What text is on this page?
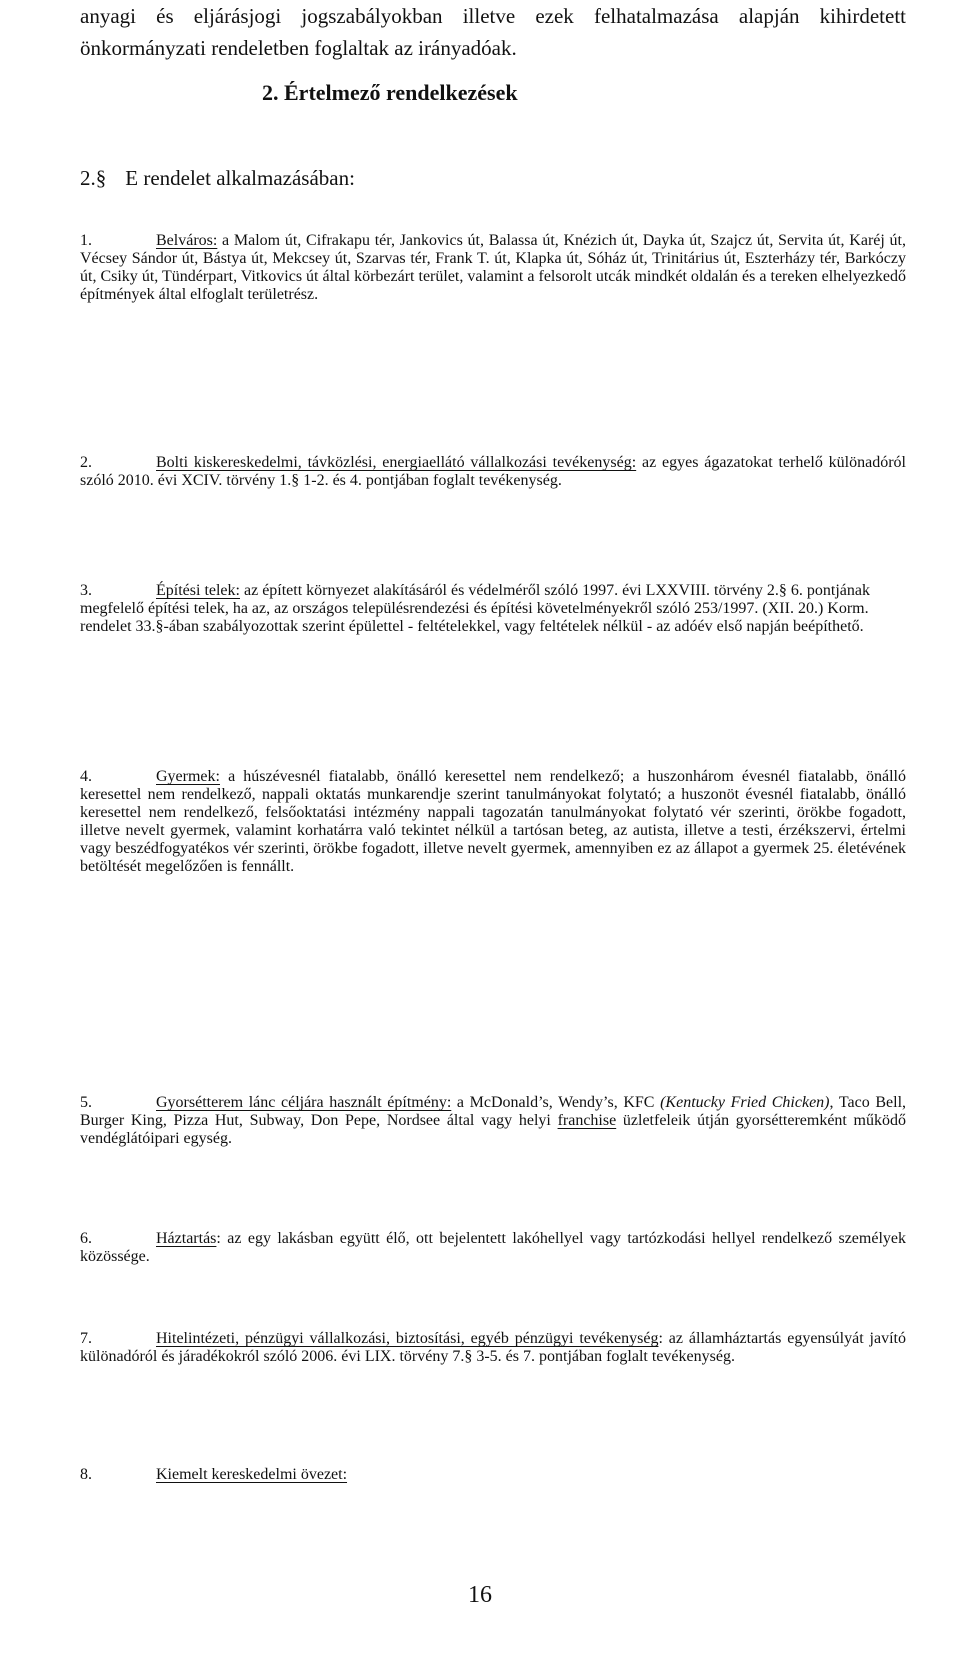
anyagi és eljárásjogi jogszabályokban illetve ezek felhatalmazása alapján kihirdetett önkormányzati rendeletben foglaltak az irányadóak.

2. Értelmező rendelkezések

2.§ E rendelet alkalmazásában:

1.	Belváros: a Malom út, Cifrakapu tér, Jankovics út, Balassa út, Knézich út, Dayka út, Szajcz út, Servita út, Karéj út, Vécsey Sándor út, Bástya út, Mekcsey út, Szarvas tér, Frank T. út, Klapka út, Sóház út, Trinitárius út, Eszterházy tér, Barkóczy út, Csiky út, Tündérpart, Vitkovics út által körbezárt terület, valamint a felsorolt utcák mindkét oldalán és a tereken elhelyezkedő építmények által elfoglalt területrész.

2.	Bolti kiskereskedelmi, távközlési, energiaellátó vállalkozási tevékenység: az egyes ágazatokat terhelő különadóról szóló 2010. évi XCIV. törvény 1.§ 1-2. és 4. pontjában foglalt tevékenység.

3.	Építési telek: az épített környezet alakításáról és védelméről szóló 1997. évi LXXVIII. törvény 2.§ 6. pontjának megfelelő építési telek, ha az, az országos településrendezési és építési követelményekről szóló 253/1997. (XII. 20.) Korm. rendelet 33.§-ában szabályozottak szerint épülettel - feltételekkel, vagy feltételek nélkül - az adóév első napján beépíthető.

4.	Gyermek: a húszévesnél fiatalabb, önálló keresettel nem rendelkező; a huszonhárom évesnél fiatalabb, önálló keresettel nem rendelkező, nappali oktatás munkarendje szerint tanulmányokat folytató; a huszonöt évesnél fiatalabb, önálló keresettel nem rendelkező, felsőoktatási intézmény nappali tagozatán tanulmányokat folytató vér szerinti, örökbe fogadott, illetve nevelt gyermek, valamint korhatárra való tekintet nélkül a tartósan beteg, az autista, illetve a testi, érzékszervi, értelmi vagy beszédfogyatékos vér szerinti, örökbe fogadott, illetve nevelt gyermek, amennyiben ez az állapot a gyermek 25. életévének betöltését megelőzően is fennállt.

5.	Gyorsétterem lánc céljára használt építmény: a McDonald’s, Wendy’s, KFC (Kentucky Fried Chicken), Taco Bell, Burger King, Pizza Hut, Subway, Don Pepe, Nordsee által vagy helyi franchise üzletfeleik útján gyorsétteremként működő vendéglátóipari egység.

6.	Háztartás: az egy lakásban együtt élő, ott bejelentett lakóhellyel vagy tartózkodási hellyel rendelkező személyek közössége.

7.	Hitelintézeti, pénzügyi vállalkozási, biztosítási, egyéb pénzügyi tevékenység: az államháztartás egyensúlyát javító különadóról és járadékokról szóló 2006. évi LIX. törvény 7.§ 3-5. és 7. pontjában foglalt tevékenység.

8.	Kiemelt kereskedelmi övezet:

16
